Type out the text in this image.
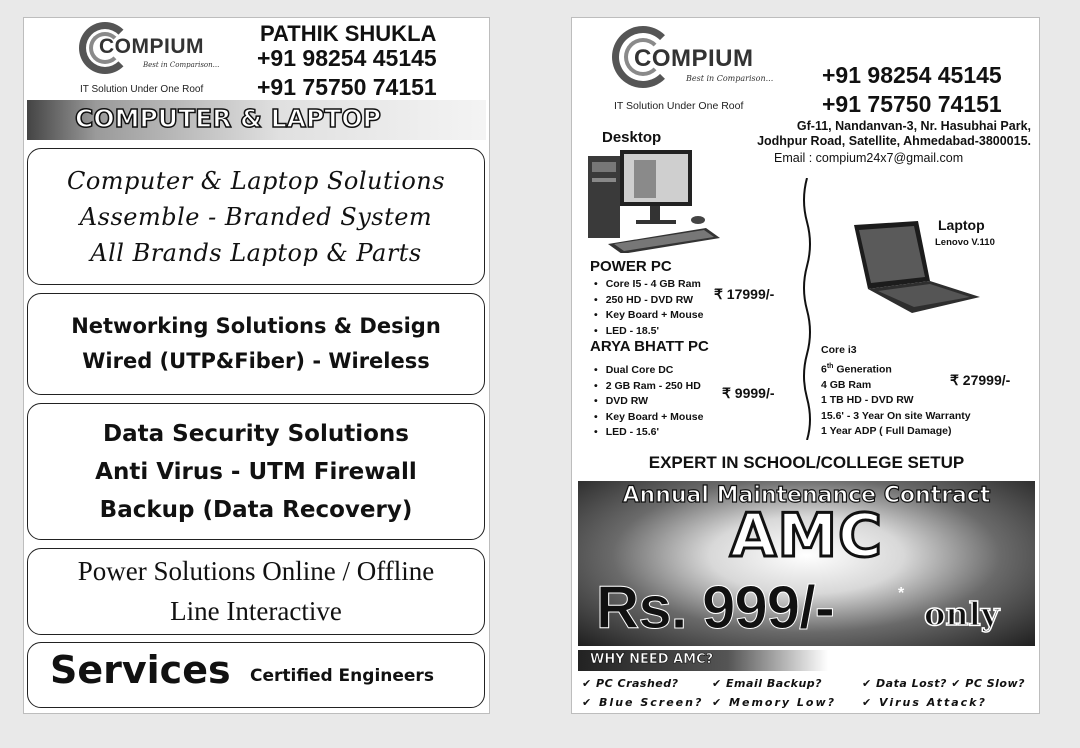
COMPIUM
Best in Comparison...
IT Solution Under One Roof
PATHIK SHUKLA
+91 98254 45145
+91 75750 74151
COMPUTER & LAPTOP
Computer & Laptop Solutions
Assemble - Branded System
All Brands Laptop & Parts
Networking Solutions & Design
Wired (UTP&Fiber) - Wireless
Data Security Solutions
Anti Virus - UTM Firewall
Backup (Data Recovery)
Power Solutions Online / Offline
Line Interactive
Services Certified Engineers
COMPIUM
Best in Comparison...
IT Solution Under One Roof
+91 98254 45145
+91 75750 74151
Gf-11, Nandanvan-3, Nr. Hasubhai Park,
Jodhpur Road, Satellite, Ahmedabad-3800015.
Email : compium24x7@gmail.com
Desktop
POWER PC
• Core I5 - 4 GB Ram
• 250 HD - DVD RW
• Key Board + Mouse
• LED - 18.5'
₹ 17999/-
ARYA BHATT PC
• Dual Core DC
• 2 GB Ram - 250 HD
• DVD RW
• Key Board + Mouse
• LED - 15.6'
₹ 9999/-
Laptop
Lenovo V.110
Core i3
6th Generation
4 GB Ram
1 TB HD - DVD RW
15.6' - 3 Year On site Warranty
1 Year ADP ( Full Damage)
₹ 27999/-
EXPERT IN SCHOOL/COLLEGE SETUP
Annual Maintenance Contract
AMC
Rs. 999/-	*
only
WHY NEED AMC?
✔ PC Crashed?	✔ Email Backup?	✔ Data Lost? ✔ PC Slow?
✔ Blue Screen? ✔ Memory Low? ✔ Virus Attack?
